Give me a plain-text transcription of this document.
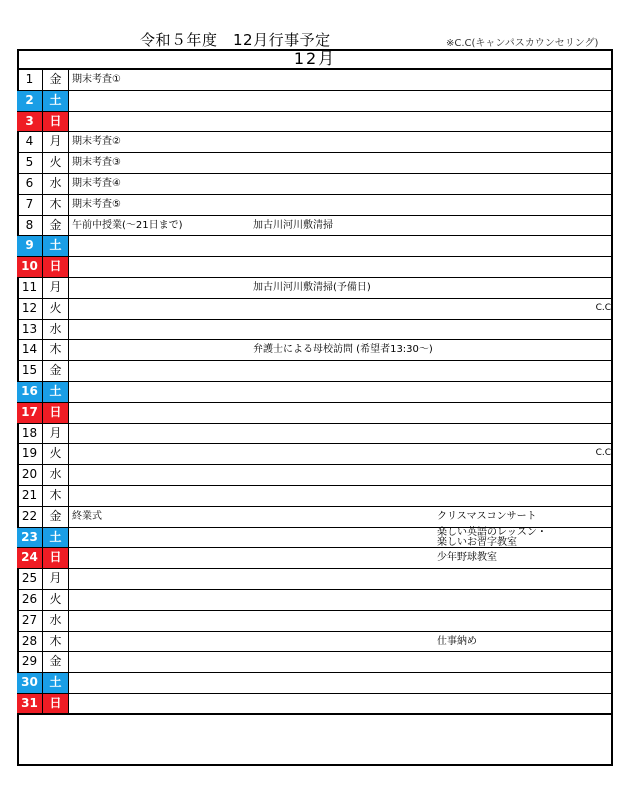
令和５年度　12月行事予定	※C.C(キャンパスカウンセリング)
12月
1	金	期末考査①
2	土
3	日
4	月	期末考査②
5	火	期末考査③
6	水	期末考査④
7	木	期末考査⑤
8	金	午前中授業(～21日まで)	加古川河川敷清掃
9	土
10 日
11	月	加古川河川敷清掃(予備日)
12	火	C.C
13	水
14	木	弁護士による母校訪問 (希望者13:30～)
15	金
16 土
17 日
18	月
19	火	C.C
20	水
21	木
22	金	終業式	クリスマスコンサート
23 土	楽しい英語のレッスン・
楽しいお習字教室
24 日	少年野球教室
25	月
26	火
27	水
28	木	仕事納め
29	金
30 土
31 日
